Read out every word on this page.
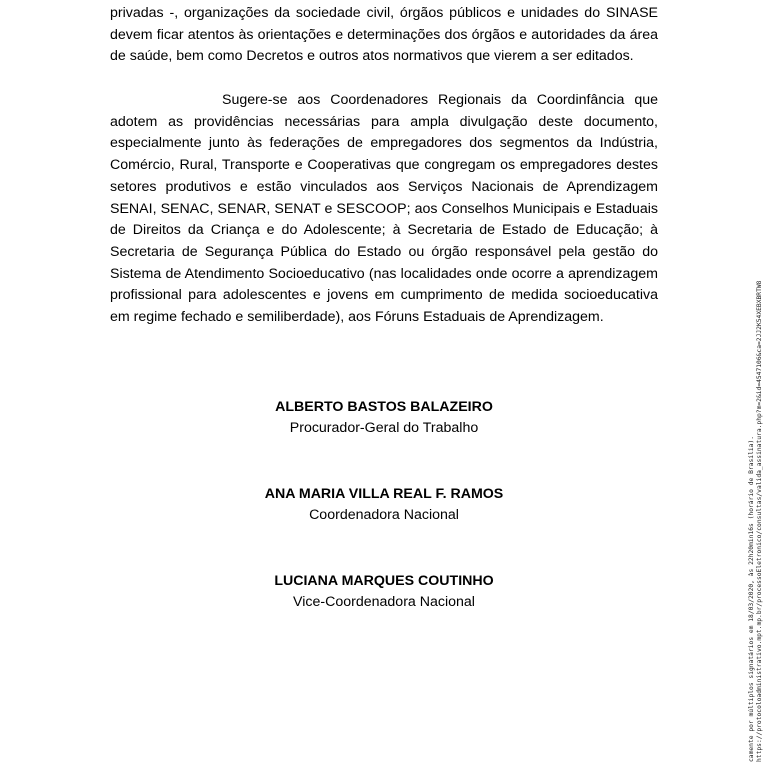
privadas -, organizações da sociedade civil, órgãos públicos e unidades do SINASE devem ficar atentos às orientações e determinações dos órgãos e autoridades da área de saúde, bem como Decretos e outros atos normativos que vierem a ser editados.

Sugere-se aos Coordenadores Regionais da Coordinfância que adotem as providências necessárias para ampla divulgação deste documento, especialmente junto às federações de empregadores dos segmentos da Indústria, Comércio, Rural, Transporte e Cooperativas que congregam os empregadores destes setores produtivos e estão vinculados aos Serviços Nacionais de Aprendizagem SENAI, SENAC, SENAR, SENAT e SESCOOP; aos Conselhos Municipais e Estaduais de Direitos da Criança e do Adolescente; à Secretaria de Estado de Educação; à Secretaria de Segurança Pública do Estado ou órgão responsável pela gestão do Sistema de Atendimento Socioeducativo (nas localidades onde ocorre a aprendizagem profissional para adolescentes e jovens em cumprimento de medida socioeducativa em regime fechado e semiliberdade), aos Fóruns Estaduais de Aprendizagem.

ALBERTO BASTOS BALAZEIRO
Procurador-Geral do Trabalho
ANA MARIA VILLA REAL F. RAMOS
Coordenadora Nacional
LUCIANA MARQUES COUTINHO
Vice-Coordenadora Nacional	camente por múltiplos signatários em 18/03/2020, às 22h20min16s (horário de Brasília). https://protocoloadministrativo.mpt.mp.br/processoEletronico/consultas/valida_assinatura.php?m=2&id=4547106&ca=2JJ2K54XEBXBRTW8
